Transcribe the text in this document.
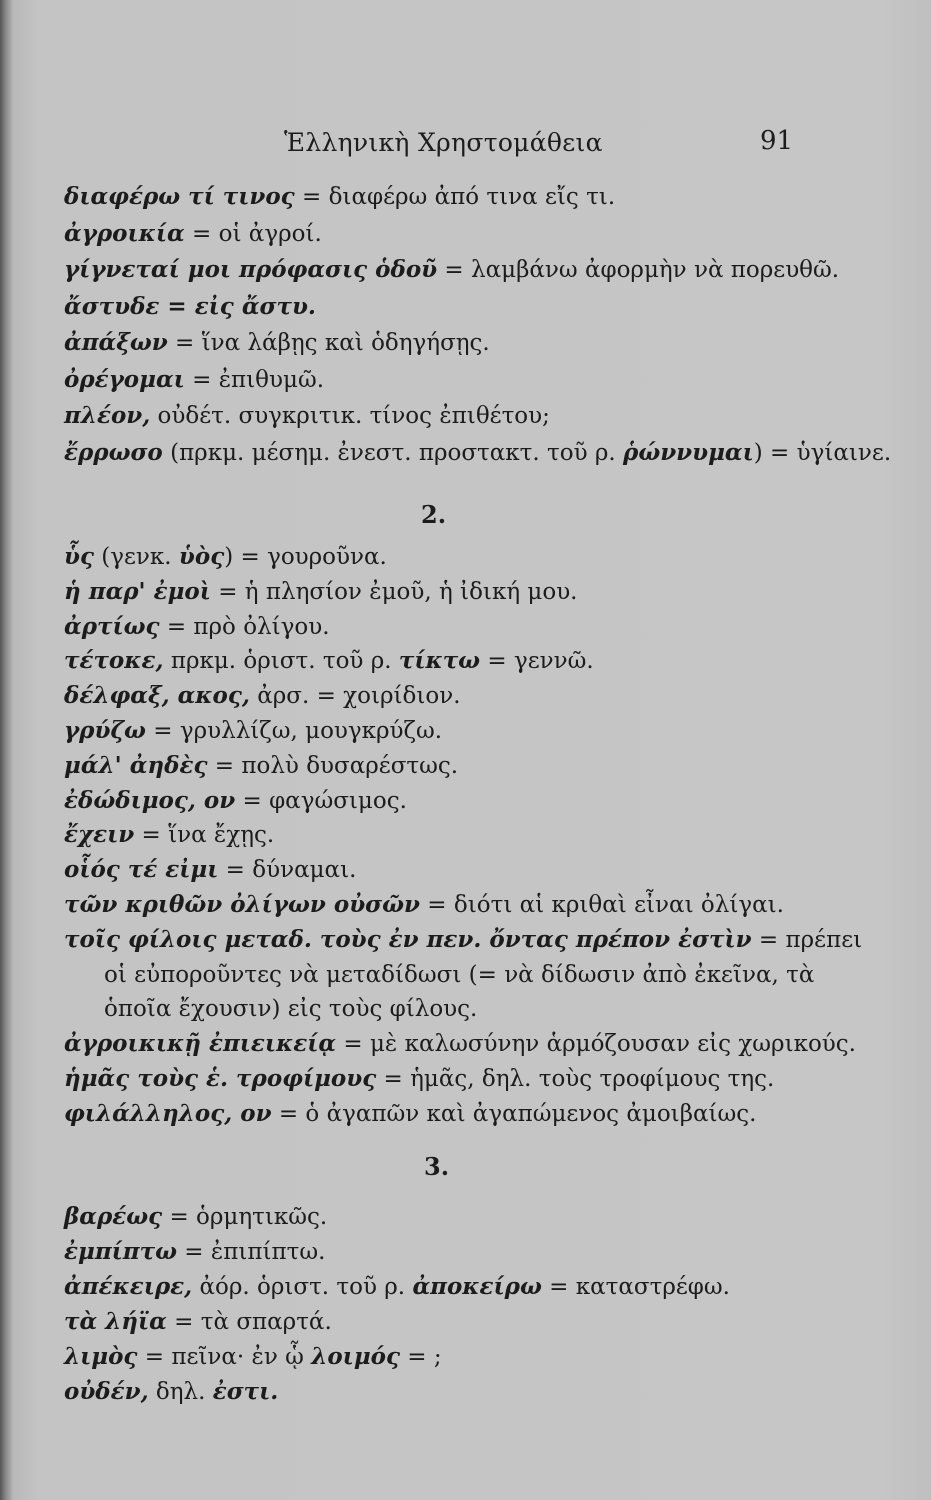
Ἑλληνικὴ Χρηστομάθεια	91
διαφέρω τί τινος = διαφέρω ἀπό τινα εἴς τι.
ἀγροικία = οἱ ἀγροί.
γίγνεταί μοι πρόφασις ὁδοῦ = λαμβάνω ἀφορμὴν νὰ πορευθῶ.
ἄστυδε = εἰς ἄστυ.
ἀπάξων = ἵνα λάβῃς καὶ ὁδηγήσῃς.
ὀρέγομαι = ἐπιθυμῶ.
πλέον, οὐδέτ. συγκριτικ. τίνος ἐπιθέτου;
ἔρρωσο (πρκμ. μέσημ. ἐνεστ. προστακτ. τοῦ ρ. ῥώννυμαι) = ὑγίαινε.
2.
ὗς (γενκ. ὑὸς) = γουροῦνα.
ἡ παρ' ἐμοὶ = ἡ πλησίον ἐμοῦ, ἡ ἰδική μου.
ἀρτίως = πρὸ ὀλίγου.
τέτοκε, πρκμ. ὁριστ. τοῦ ρ. τίκτω = γεννῶ.
δέλφαξ, ακος, ἀρσ. = χοιρίδιον.
γρύζω = γρυλλίζω, μουγκρύζω.
μάλ' ἀηδὲς = πολὺ δυσαρέστως.
ἐδώδιμος, ον = φαγώσιμος.
ἔχειν = ἵνα ἔχῃς.
οἷός τέ εἰμι = δύναμαι.
τῶν κριθῶν ὀλίγων οὐσῶν = διότι αἱ κριθαὶ εἶναι ὀλίγαι.
τοῖς φίλοις μεταδ. τοὺς ἐν πεν. ὄντας πρέπον ἐστὶν = πρέπει
οἱ εὐποροῦντες νὰ μεταδίδωσι (= νὰ δίδωσιν ἀπὸ ἐκεῖνα, τὰ
ὁποῖα ἔχουσιν) εἰς τοὺς φίλους.
ἀγροικικῇ ἐπιεικείᾳ = μὲ καλωσύνην ἁρμόζουσαν εἰς χωρικούς.
ἡμᾶς τοὺς ἑ. τροφίμους = ἡμᾶς, δηλ. τοὺς τροφίμους της.
φιλάλληλος, ον = ὁ ἀγαπῶν καὶ ἀγαπώμενος ἀμοιβαίως.
3.
βαρέως = ὁρμητικῶς.
ἐμπίπτω = ἐπιπίπτω.
ἀπέκειρε, ἀόρ. ὁριστ. τοῦ ρ. ἀποκείρω = καταστρέφω.
τὰ λήϊα = τὰ σπαρτά.
λιμὸς = πεῖνα· ἐν ᾧ λοιμός = ;
οὐδέν, δηλ. ἐστι.
